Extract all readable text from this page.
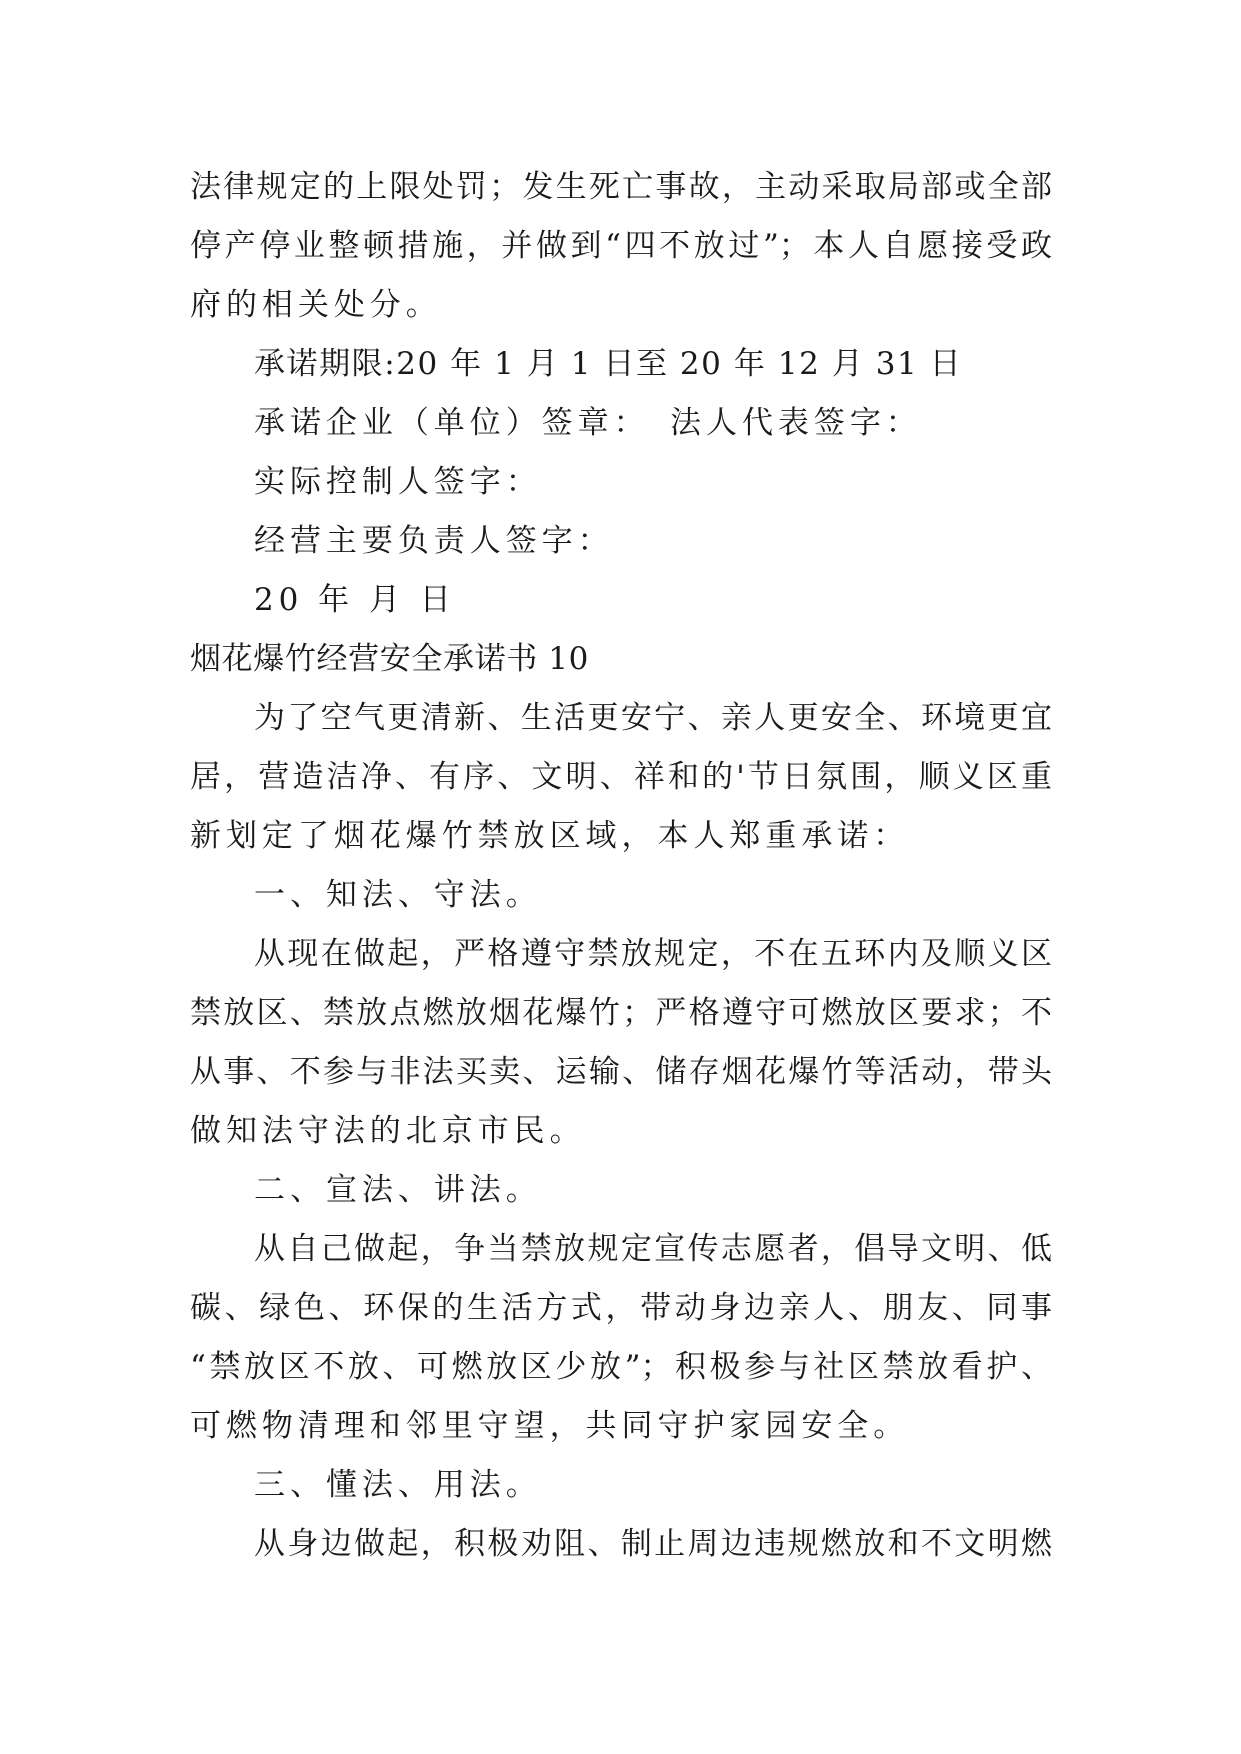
法律规定的上限处罚；发生死亡事故，主动采取局部或全部

停产停业整顿措施，并做到“四不放过”；本人自愿接受政

府的相关处分。

承诺期限:20 年 1 月 1 日至 20 年 12 月 31 日

承诺企业（单位）签章：　法人代表签字：

实际控制人签字：

经营主要负责人签字：

20 年 月 日

烟花爆竹经营安全承诺书 10

为了空气更清新、生活更安宁、亲人更安全、环境更宜

居，营造洁净、有序、文明、祥和的'节日氛围，顺义区重

新划定了烟花爆竹禁放区域，本人郑重承诺：

一、知法、守法。

从现在做起，严格遵守禁放规定，不在五环内及顺义区

禁放区、禁放点燃放烟花爆竹；严格遵守可燃放区要求；不

从事、不参与非法买卖、运输、储存烟花爆竹等活动，带头

做知法守法的北京市民。

二、宣法、讲法。

从自己做起，争当禁放规定宣传志愿者，倡导文明、低

碳、绿色、环保的生活方式，带动身边亲人、朋友、同事

“禁放区不放、可燃放区少放”；积极参与社区禁放看护、

可燃物清理和邻里守望，共同守护家园安全。

三、懂法、用法。

从身边做起，积极劝阻、制止周边违规燃放和不文明燃
